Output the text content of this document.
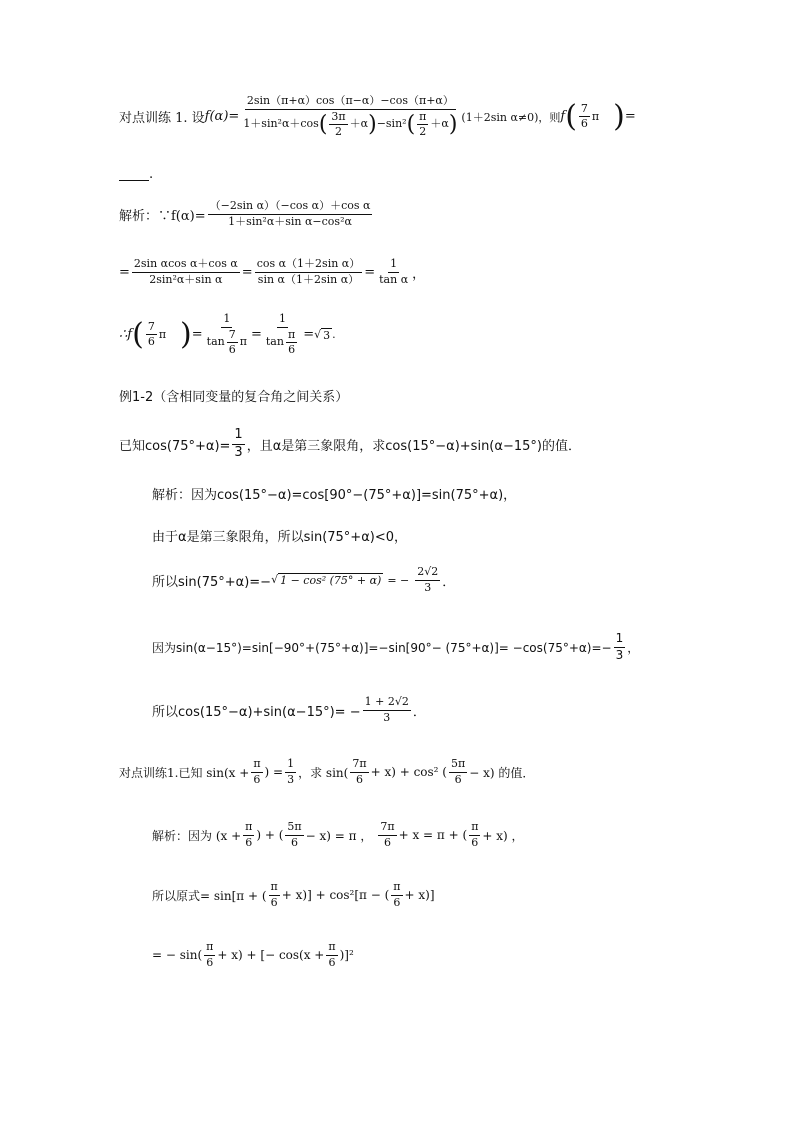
对点训练 1. 设 f(α)=
2sin（π+α）cos（π−α）−cos（π+α）
1＋sin²α＋cos ( $\frac{3\pi}{2} +\alpha$ ) −sin² ( $\frac{\pi}{2} +\alpha$ ) (1＋2sin α≠0)，则 f ( $\frac{7}{6}$ π ) =
.
解析：∵f(α)= $\frac{\text{（−2sin α）（−cos α）＋cos α}}{\text{1＋sin²α＋sin α−cos²α}}$
= $\frac{\text{2sin αcos α＋cos α}}{\text{2sin²α＋sin α}} = \frac{\text{cos α（1＋2sin α）}}{\text{sin α（1＋2sin α）}} = \frac{1}{\text{tan α}}$ ，
∴f ( $\frac{7}{6}$ π ) = $\frac{1}{\tan \frac{7}{6} \pi} = \frac{1}{\tan \frac{\pi}{6}}$ = √ 3 .
例1-2（含相同变量的复合角之间关系）
已知$\cos(75^\circ+\alpha)= \frac{1}{3}$ ，且α是第三象限角，求cos(15°−α)+sin(α−15°)的值．
解析：因为cos(15°−α)=cos[90°−(75°+α)]=sin(75°+α)，
由于α是第三象限角，所以sin(75°+α)<0，
所以sin(75°+α)=− √ 1 − cos² (75° + α) = − $\frac{2√2}{3}$ ．
因为$\sin(\alpha-15^\circ)=\sin[-90^\circ+(75^\circ+\alpha)]=-\sin[90^\circ- (75^\circ+\alpha)]= -\cos(75^\circ+\alpha)=- \frac{1}{3}$ ，
所以$\cos(15^\circ-\alpha)+\sin(\alpha-15^\circ)= - \frac{1 + 2√2}{3}$ ．
对点训练1.已知 $\sin(x + \frac{\pi}{6}$ ) = $\frac{1}{3}$ ，求 $\sin( \frac{7\pi}{6} + x) + \cos^2$ ( $\frac{5\pi}{6} - x$) 的值．
解析：因为 ($x + \frac{\pi}{6}$ ) + ( $\frac{5\pi}{6} - x) = \pi$ ， $\frac{7\pi}{6} + x = \pi$ + ( $\frac{\pi}{6} + x$) ，
所以原式= sin[π + ( $\frac{\pi}{6} + x)] + \cos^2[\pi$ − ( $\frac{\pi}{6} + x$)]
= − $\sin( \frac{\pi}{6} + x)$ + [− $\cos(x + \frac{\pi}{6} )]^2$
